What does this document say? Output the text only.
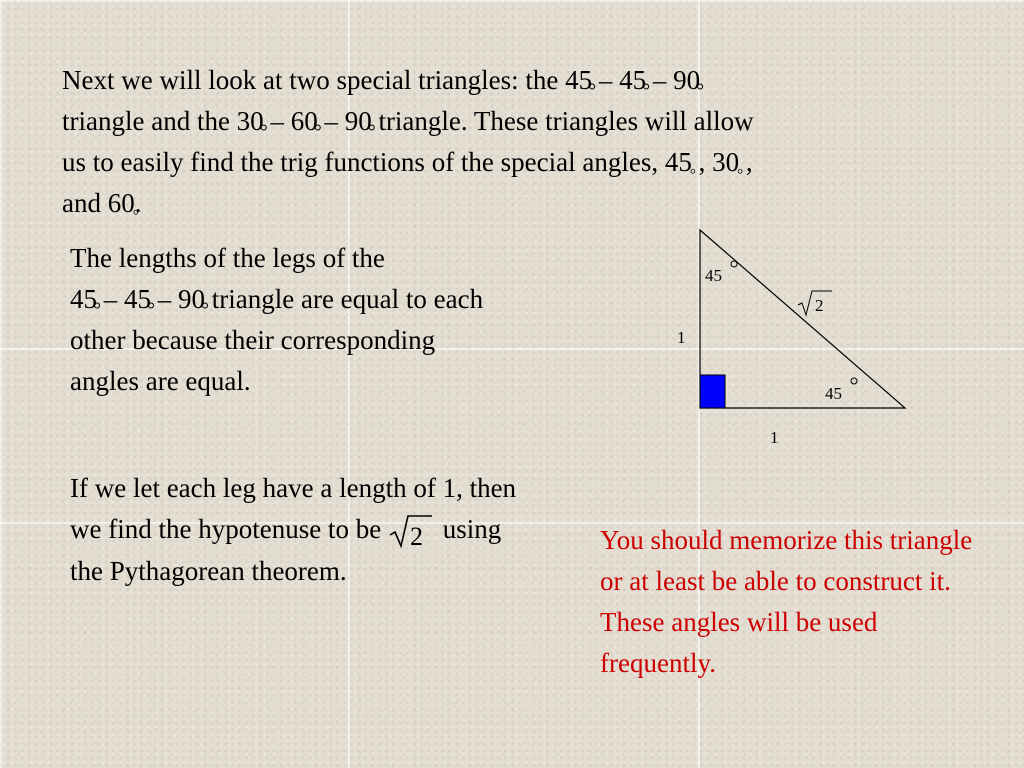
Next we will look at two special triangles: the 45 – 45 – 90
triangle and the 30 – 60 – 90 triangle. These triangles will allow
us to easily find the trig functions of the special angles, 45 , 30 ,
and 60.

The lengths of the legs of the
45 – 45 – 90 triangle are equal to each other because their corresponding angles are equal.

If we let each leg have a length of 1, then we find the hypotenuse to be 2 using the Pythagorean theorem.

You should memorize this triangle or at least be able to construct it. These angles will be used frequently.

45
45
2
1
1
